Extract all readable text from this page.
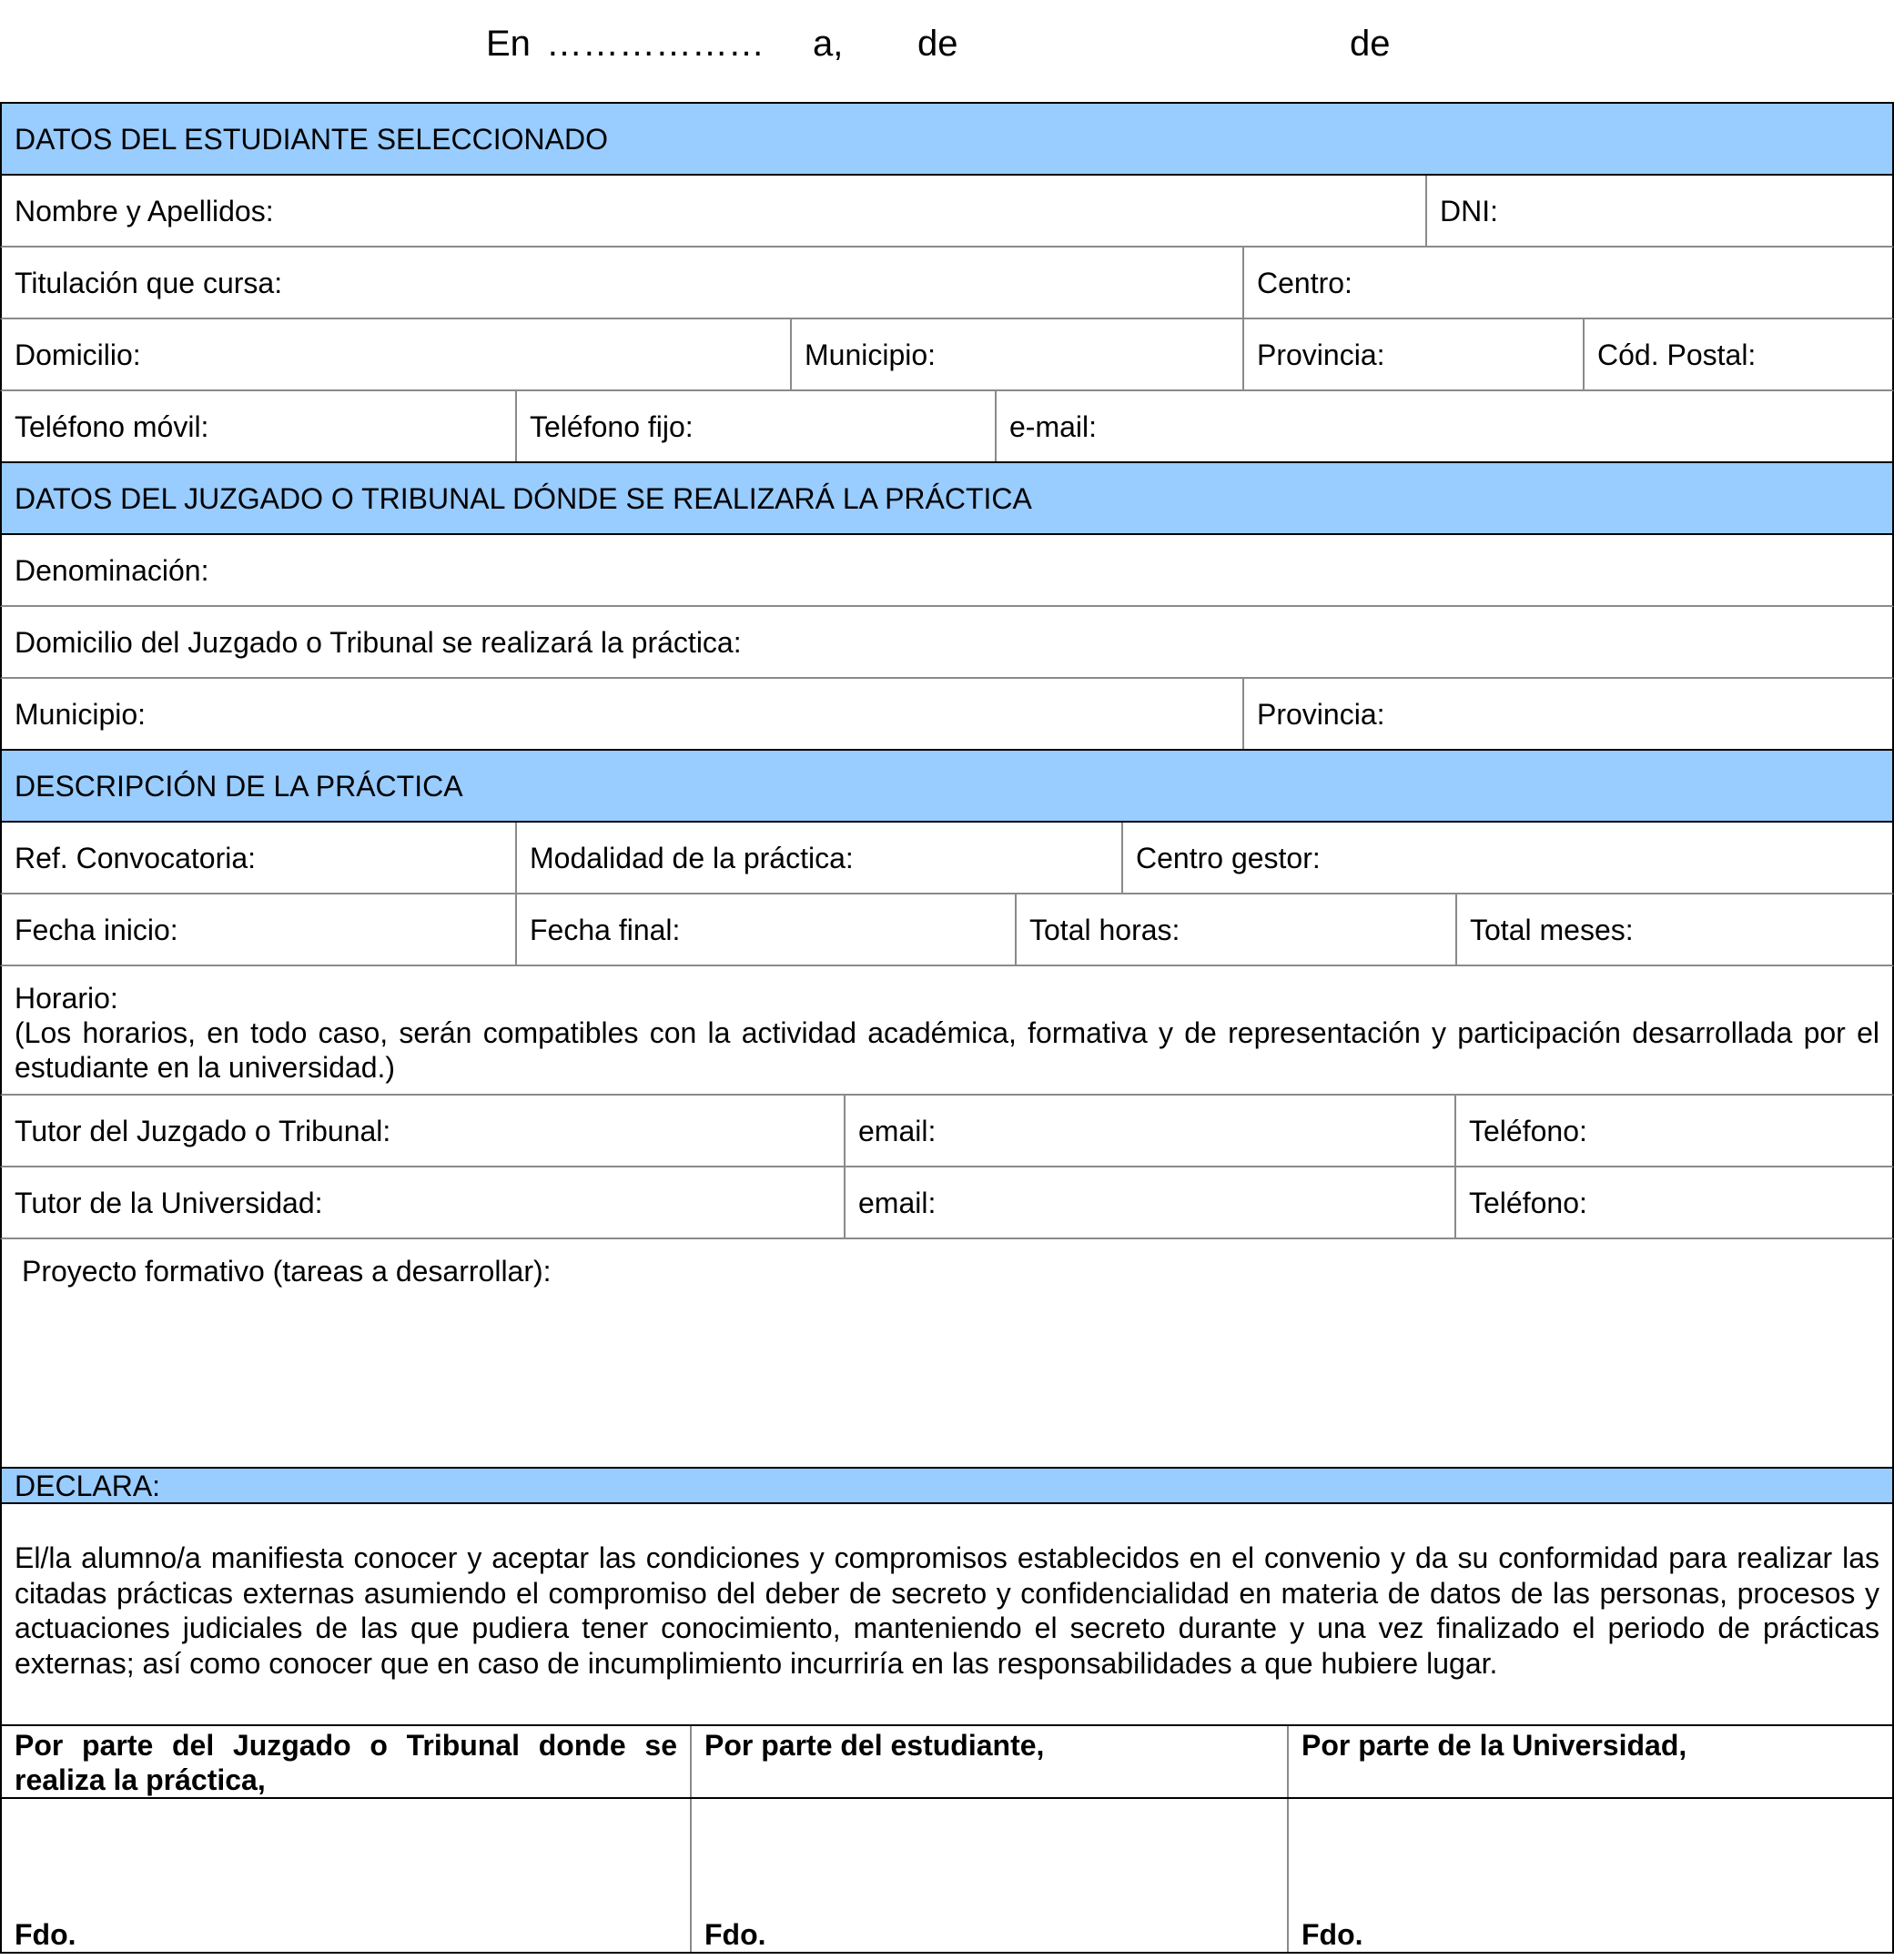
En ……………… a, de	de
DATOS DEL ESTUDIANTE SELECCIONADO
Nombre y Apellidos:	DNI:
Titulación que cursa:	Centro:
Domicilio:	Municipio:	Provincia:	Cód. Postal:
Teléfono móvil:	Teléfono fijo:	e-mail:
DATOS DEL JUZGADO O TRIBUNAL DÓNDE SE REALIZARÁ LA PRÁCTICA
Denominación:
Domicilio del Juzgado o Tribunal se realizará la práctica:
Municipio:	Provincia:
DESCRIPCIÓN DE LA PRÁCTICA
Ref. Convocatoria:	Modalidad de la práctica:	Centro gestor:
Fecha inicio:	Fecha final:	Total horas:	Total meses:
Horario:
(Los horarios, en todo caso, serán compatibles con la actividad académica, formativa y de representación y participación desarrollada por el estudiante en la universidad.)
Tutor del Juzgado o Tribunal:	email:	Teléfono:
Tutor de la Universidad:	email:	Teléfono:
Proyecto formativo (tareas a desarrollar):
DECLARA:
El/la alumno/a manifiesta conocer y aceptar las condiciones y compromisos establecidos en el convenio y da su conformidad para realizar las citadas prácticas externas asumiendo el compromiso del deber de secreto y confidencialidad en materia de datos de las personas, procesos y actuaciones judiciales de las que pudiera tener conocimiento, manteniendo el secreto durante y una vez finalizado el periodo de prácticas externas; así como conocer que en caso de incumplimiento incurriría en las responsabilidades a que hubiere lugar.
Por parte del Juzgado o Tribunal donde se
realiza la práctica,
Por parte del estudiante,	Por parte de la Universidad,
Fdo.	Fdo.	Fdo.
